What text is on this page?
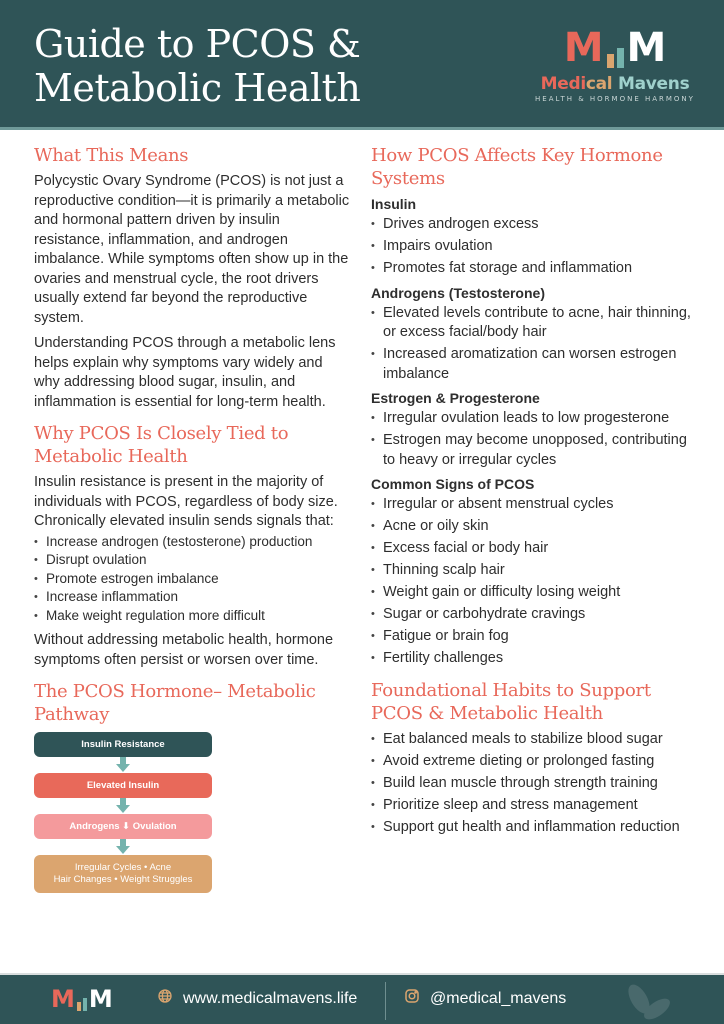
Guide to PCOS &
Metabolic Health
M M
Medical Mavens
HEALTH & HORMONE HARMONY
What This Means

Polycystic Ovary Syndrome (PCOS) is not just a reproductive condition—it is primarily a metabolic and hormonal pattern driven by insulin resistance, inflammation, and androgen imbalance. While symptoms often show up in the ovaries and menstrual cycle, the root drivers usually extend far beyond the reproductive system.

Understanding PCOS through a metabolic lens helps explain why symptoms vary widely and why addressing blood sugar, insulin, and inflammation is essential for long-term health.

Why PCOS Is Closely Tied to Metabolic Health

Insulin resistance is present in the majority of individuals with PCOS, regardless of body size. Chronically elevated insulin sends signals that:

• Increase androgen (testosterone) production
• Disrupt ovulation
• Promote estrogen imbalance
• Increase inflammation
• Make weight regulation more difficult

Without addressing metabolic health, hormone symptoms often persist or worsen over time.

The PCOS Hormone– Metabolic Pathway
Insulin Resistance
Elevated Insulin
Androgens ⬇ Ovulation
Irregular Cycles • Acne
Hair Changes • Weight Struggles
How PCOS Affects Key Hormone Systems
Insulin
• Drives androgen excess
• Impairs ovulation
• Promotes fat storage and inflammation
Androgens (Testosterone)
• Elevated levels contribute to acne, hair thinning, or excess facial/body hair
• Increased aromatization can worsen estrogen imbalance
Estrogen & Progesterone
• Irregular ovulation leads to low progesterone
• Estrogen may become unopposed, contributing to heavy or irregular cycles
Common Signs of PCOS
• Irregular or absent menstrual cycles
• Acne or oily skin
• Excess facial or body hair
• Thinning scalp hair
• Weight gain or difficulty losing weight
• Sugar or carbohydrate cravings
• Fatigue or brain fog
• Fertility challenges
Foundational Habits to Support PCOS & Metabolic Health
• Eat balanced meals to stabilize blood sugar
• Avoid extreme dieting or prolonged fasting
• Build lean muscle through strength training
• Prioritize sleep and stress management
• Support gut health and inflammation reduction
M M	www.medicalmavens.life	@medical_mavens
